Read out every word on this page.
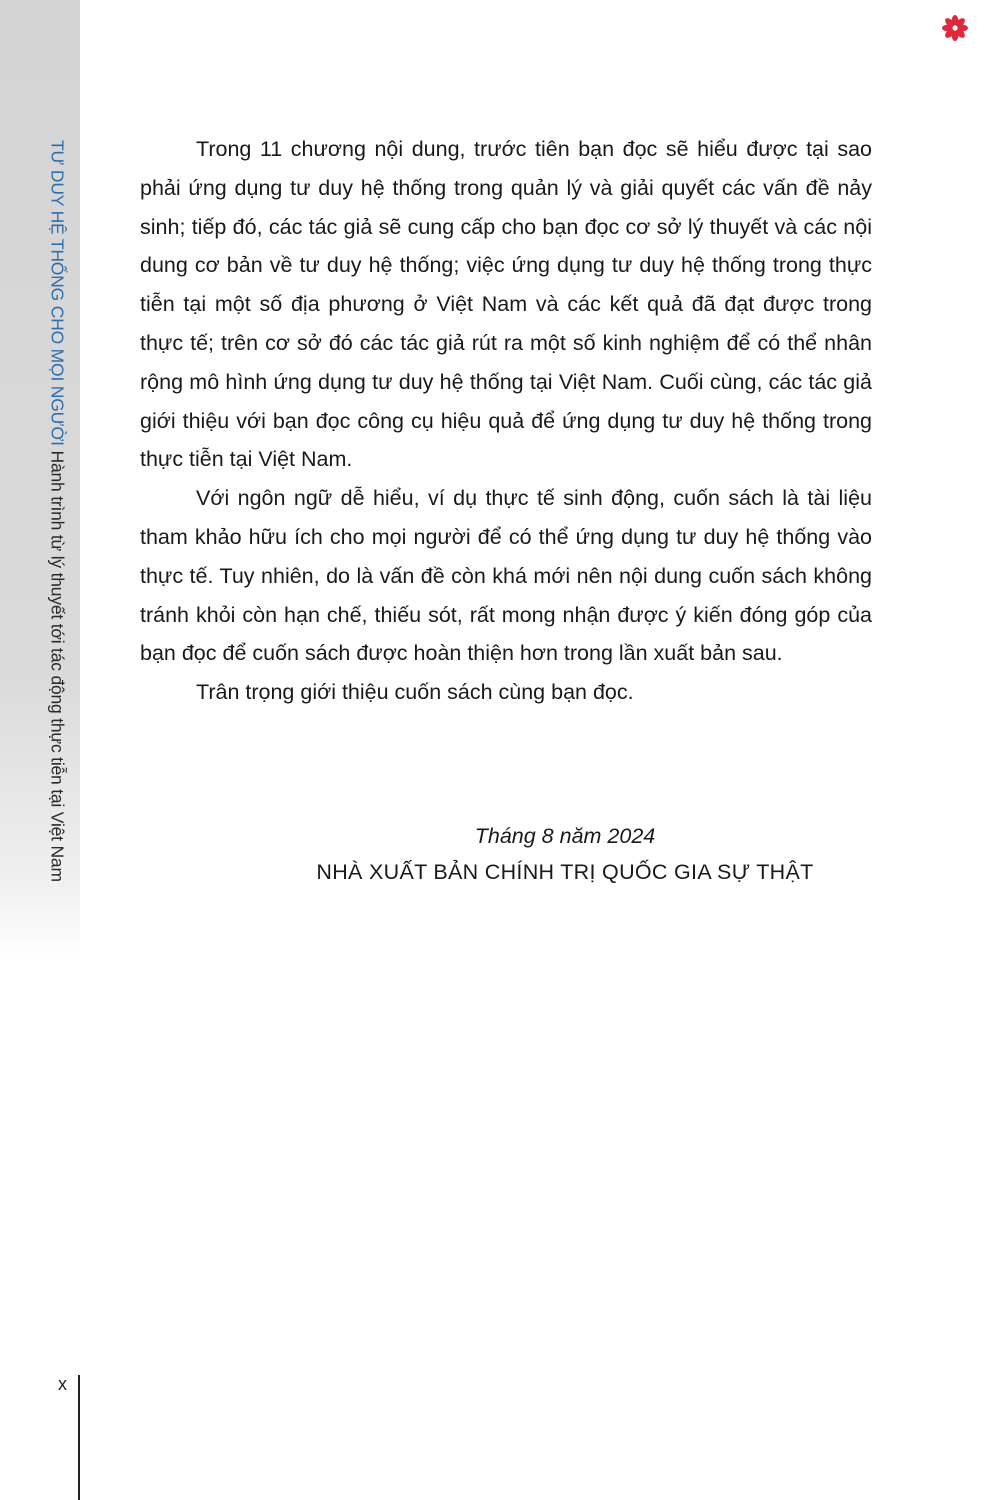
TƯ DUY HỆ THỐNG CHO MỌI NGƯỜI Hành trình từ lý thuyết tới tác động thực tiễn tại Việt Nam
x

Trong 11 chương nội dung, trước tiên bạn đọc sẽ hiểu được tại sao phải ứng dụng tư duy hệ thống trong quản lý và giải quyết các vấn đề nảy sinh; tiếp đó, các tác giả sẽ cung cấp cho bạn đọc cơ sở lý thuyết và các nội dung cơ bản về tư duy hệ thống; việc ứng dụng tư duy hệ thống trong thực tiễn tại một số địa phương ở Việt Nam và các kết quả đã đạt được trong thực tế; trên cơ sở đó các tác giả rút ra một số kinh nghiệm để có thể nhân rộng mô hình ứng dụng tư duy hệ thống tại Việt Nam. Cuối cùng, các tác giả giới thiệu với bạn đọc công cụ hiệu quả để ứng dụng tư duy hệ thống trong thực tiễn tại Việt Nam.

Với ngôn ngữ dễ hiểu, ví dụ thực tế sinh động, cuốn sách là tài liệu tham khảo hữu ích cho mọi người để có thể ứng dụng tư duy hệ thống vào thực tế. Tuy nhiên, do là vấn đề còn khá mới nên nội dung cuốn sách không tránh khỏi còn hạn chế, thiếu sót, rất mong nhận được ý kiến đóng góp của bạn đọc để cuốn sách được hoàn thiện hơn trong lần xuất bản sau.

Trân trọng giới thiệu cuốn sách cùng bạn đọc.

Tháng 8 năm 2024
NHÀ XUẤT BẢN CHÍNH TRỊ QUỐC GIA SỰ THẬT
